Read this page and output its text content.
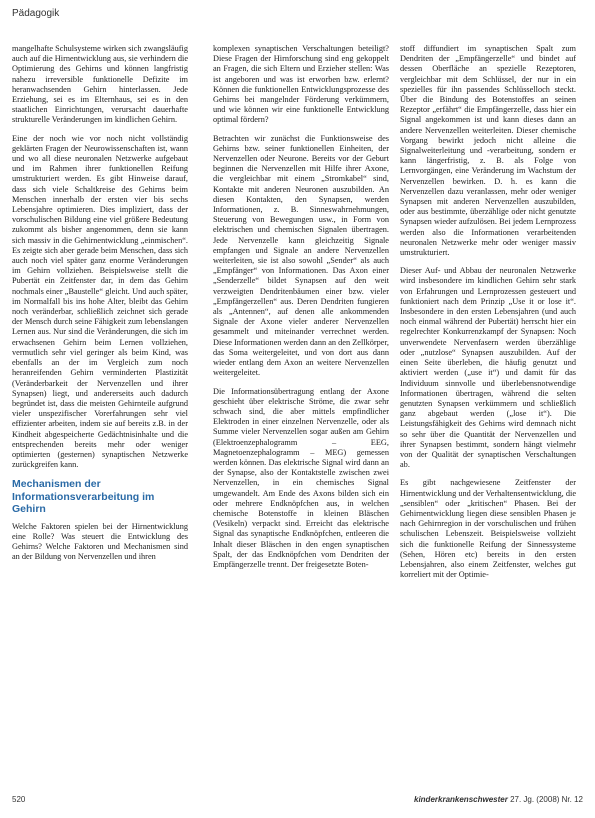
Pädagogik

mangelhafte Schulsysteme wirken sich zwangsläufig auch auf die Hirnentwicklung aus, sie verhindern die Optimierung des Gehirns und können langfristig nahezu irreversible funktionelle Defizite im heranwachsenden Gehirn hinterlassen. Jede Erziehung, sei es im Elternhaus, sei es in den staatlichen Einrichtungen, verursacht dauerhafte strukturelle Veränderungen im kindlichen Gehirn.

Eine der noch wie vor noch nicht vollständig geklärten Fragen der Neurowissenschaften ist, wann und wo all diese neuronalen Netzwerke aufgebaut und im Rahmen ihrer funktionellen Reifung umstrukturiert werden. Es gibt Hinweise darauf, dass sich viele Schaltkreise des Gehirns beim Menschen innerhalb der ersten vier bis sechs Lebensjahre optimieren. Dies impliziert, dass der vorschulischen Bildung eine viel größere Bedeutung zukommt als bisher angenommen, denn sie kann sich massiv in die Gehirnentwicklung „einmischen“. Es zeigte sich aber gerade beim Menschen, dass sich auch noch viel später ganz enorme Veränderungen im Gehirn vollziehen. Beispielsweise stellt die Pubertät ein Zeitfenster dar, in dem das Gehirn nochmals einer „Baustelle“ gleicht. Und auch später, im Normalfall bis ins hohe Alter, bleibt das Gehirn noch veränderbar, schließlich zeichnet sich gerade der Mensch durch seine Fähigkeit zum lebenslangen Lernen aus. Nur sind die Veränderungen, die sich im erwachsenen Gehirn beim Lernen vollziehen, vermutlich sehr viel geringer als beim Kind, was ebenfalls an der im Vergleich zum noch heranreifenden Gehirn verminderten Plastizität (Veränderbarkeit der Nervenzellen und ihrer Synapsen) liegt, und andererseits auch dadurch begründet ist, dass die meisten Gehirnteile aufgrund vieler unspezifischer Vorerfahrungen sehr viel effizienter arbeiten, indem sie auf bereits z.B. in der Kindheit abgespeicherte Gedächtnisinhalte und die entsprechenden bereits mehr oder weniger optimierten (gesternen) synaptischen Netzwerke zurückgreifen kann.

Mechanismen der Informationsverarbeitung im Gehirn

Welche Faktoren spielen bei der Hirnentwicklung eine Rolle? Was steuert die Entwicklung des Gehirns? Welche Faktoren und Mechanismen sind an der Bildung von Nervenzellen und ihren

komplexen synaptischen Verschaltungen beteiligt? Diese Fragen der Hirnforschung sind eng gekoppelt an Fragen, die sich Eltern und Erzieher stellen: Was ist angeboren und was ist erworben bzw. erlernt? Können die funktionellen Entwicklungsprozesse des Gehirns bei mangelnder Förderung verkümmern, und wie können wir eine funktionelle Entwicklung optimal fördern?

Betrachten wir zunächst die Funktionsweise des Gehirns bzw. seiner funktionellen Einheiten, der Nervenzellen oder Neurone. Bereits vor der Geburt beginnen die Nervenzellen mit Hilfe ihrer Axone, die vergleichbar mit einem „Stromkabel“ sind, Kontakte mit anderen Neuronen auszubilden. An diesen Kontakten, den Synapsen, werden Informationen, z. B. Sinneswahrnehmungen, Steuerung von Bewegungen usw., in Form von elektrischen und chemischen Signalen übertragen. Jede Nervenzelle kann gleichzeitig Signale empfangen und Signale an andere Nervenzellen weiterleiten, sie ist also sowohl „Sender“ als auch „Empfänger“ von Informationen. Das Axon einer „Senderzelle“ bildet Synapsen auf den weit verzweigten Dendritenbäumen einer bzw. vieler „Empfängerzellen“ aus. Deren Dendriten fungieren als „Antennen“, auf denen alle ankommenden Signale der Axone vieler anderer Nervenzellen gesammelt und miteinander verrechnet werden. Diese Informationen werden dann an den Zellkörper, das Soma weitergeleitet, und von dort aus dann wieder entlang dem Axon an weitere Nervenzellen weitergeleitet.

Die Informationsübertragung entlang der Axone geschieht über elektrische Ströme, die zwar sehr schwach sind, die aber mittels empfindlicher Elektroden in einer einzelnen Nervenzelle, oder als Summe vieler Nervenzellen sogar außen am Gehirn (Elektroenzephalogramm – EEG, Magnetoenzephalogramm – MEG) gemessen werden können. Das elektrische Signal wird dann an der Synapse, also der Kontaktstelle zwischen zwei Nervenzellen, in ein chemisches Signal umgewandelt. Am Ende des Axons bilden sich ein oder mehrere Endknöpfchen aus, in welchen chemische Botenstoffe in kleinen Bläschen (Vesikeln) verpackt sind. Erreicht das elektrische Signal das synaptische Endknöpfchen, entleeren die Inhalt dieser Bläschen in den engen synaptischen Spalt, der das Endknöpfchen vom Dendriten der Empfängerzelle trennt. Der freigesetzte Boten-

stoff diffundiert im synaptischen Spalt zum Dendriten der „Empfängerzelle“ und bindet auf dessen Oberfläche an spezielle Rezeptoren, vergleichbar mit dem Schlüssel, der nur in ein spezielles für ihn passendes Schlüsselloch steckt. Über die Bindung des Botenstoffes an seinen Rezeptor „erfährt“ die Empfängerzelle, dass hier ein Signal angekommen ist und kann dieses dann an andere Nervenzellen weiterleiten. Dieser chemische Vorgang bewirkt jedoch nicht alleine die Signalweiterleitung und -verarbeitung, sondern er kann längerfristig, z. B. als Folge von Lernvorgängen, eine Veränderung im Wachstum der Nervenzellen bewirken. D. h. es kann die Nervenzellen dazu veranlassen, mehr oder weniger Synapsen mit anderen Nervenzellen auszubilden, oder aus bestimmte, überzählige oder nicht genutzte Synapsen wieder aufzulösen. Bei jedem Lernprozess werden also die Informationen verarbeitenden neuronalen Netzwerke mehr oder weniger massiv umstrukturiert.

Dieser Auf- und Abbau der neuronalen Netzwerke wird insbesondere im kindlichen Gehirn sehr stark von Erfahrungen und Lernprozessen gesteuert und funktioniert nach dem Prinzip „Use it or lose it“. Insbesondere in den ersten Lebensjahren (und auch noch einmal während der Pubertät) herrscht hier ein regelrechter Konkurrenzkampf der Synapsen: Noch unverwendete Nervenfasern werden überzählige oder „nutzlose“ Synapsen auszubilden. Auf der einen Seite überleben, die häufig genutzt und aktiviert werden („use it“) und damit für das Individuum sinnvolle und überlebensnotwendige Informationen übertragen, während die selten genutzten Synapsen verkümmern und schließlich ganz abgebaut werden („lose it“). Die Leistungsfähigkeit des Gehirns wird demnach nicht so sehr über die Quantität der Nervenzellen und ihrer Synapsen bestimmt, sondern hängt vielmehr von der Qualität der synaptischen Verschaltungen ab.

Es gibt nachgewiesene Zeitfenster der Hirnentwicklung und der Verhaltensentwicklung, die „sensiblen“ oder „kritischen“ Phasen. Bei der Gehirnentwicklung liegen diese sensiblen Phasen je nach Gehirnregion in der vorschulischen und frühen schulischen Lebenszeit. Beispielsweise vollzieht sich die funktionelle Reifung der Sinnessysteme (Sehen, Hören etc) bereits in den ersten Lebensjahren, also einem Zeitfenster, welches gut korreliert mit der Optimie-

520	kinderkrankenschwester 27. Jg. (2008) Nr. 12
